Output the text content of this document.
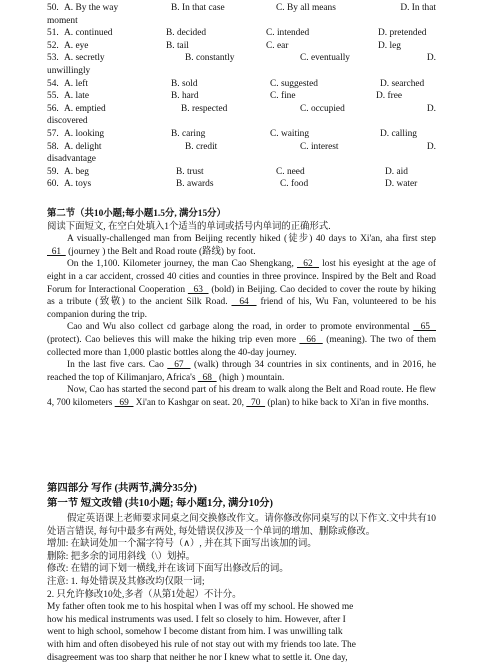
50. A. By the way	B. In that case	C. By all means	D. In that
moment
51. A. continued	B. decided	C. intended	D. pretended
52. A. eye	B. tail	C. ear	D. leg
53. A. secretly	B. constantly	C. eventually	D.
unwillingly
54. A. left	B. sold	C. suggested	D. searched
55. A. late	B. hard	C. fine	D. free
56. A. emptied	B. respected	C. occupied	D.
discovered
57. A. looking	B. caring	C. waiting	D. calling
58. A. delight	B. credit	C. interest	D.
disadvantage
59. A. beg	B. trust	C. need	D. aid
60. A. toys	B. awards	C. food	D. water
第二节（共10小题;每小题1.5分, 满分15分）
阅读下面短文, 在空白处填入1个适当的单词或括号内单词的正确形式.

A visually-challenged man from Beijing recently hiked (徒步) 40 days to Xi'an, aha first step   61   (journey ) the Belt and Road route (路线) by foot.

On the 1,100. Kilometer journey, the man Cao Shengkang,   62   lost his eyesight at the age of eight in a car accident, crossed 40 cities and counties in three province. Inspired by the Belt and Road Forum for Interactional Cooperation   63   (bold) in Beijing. Cao decided to cover the route by hiking as a tribute (致敬) to the ancient Silk Road.   64   friend of his, Wu Fan, volunteered to be his companion during the trip.

Cao and Wu also collect cd garbage along the road, in order to promote environmental   65   (protect). Cao believes this will make the hiking trip even more   66   (meaning). The two of them collected more than 1,000 plastic bottles along the 40-day journey.

In the last five cars. Cao   67   (walk) through 34 countries in six continents, and in 2016, he reached the top of Kilimanjaro, Africa's   68   (high ) mountain.

Now, Cao has started the second part of his dream to walk along the Belt and Road route. He flew 4, 700 kilometers   69   Xi'an to Kashgar on seat. 20,   70   (plan) to hike back to Xi'an in five months.

第四部分 写作 (共两节,满分35分)
第一节 短文改错 (共10小题; 每小题1分, 满分10分)

假定英语课上老师要求同桌之间交换修改作文。请你修改你同桌写的以下作文.文中共有10处语言错误, 每句中最多有两处, 每处错误仅涉及一个单词的增加、删除或修改。

增加: 在缺词处加一个漏字符号（∧）, 并在其下面写出该加的词。
删除: 把多余的词用斜线（\）划掉。
修改: 在错的词下划一横线,并在该词下面写出修改后的词。
注意: 1. 每处错误及其修改均仅限一词;
2. 只允许修改10处,多者（从第1处起）不计分。
My father often took me to his hospital when I was off my school. He showed me
how his medical instruments was used. I felt so closely to him. However, after I
went to high school, somehow I become distant from him. I was unwilling talk
with him and often disobeyed his rule of not stay out with my friends too late. The
disagreement was too sharp that neither he nor I knew what to settle it. One day,
